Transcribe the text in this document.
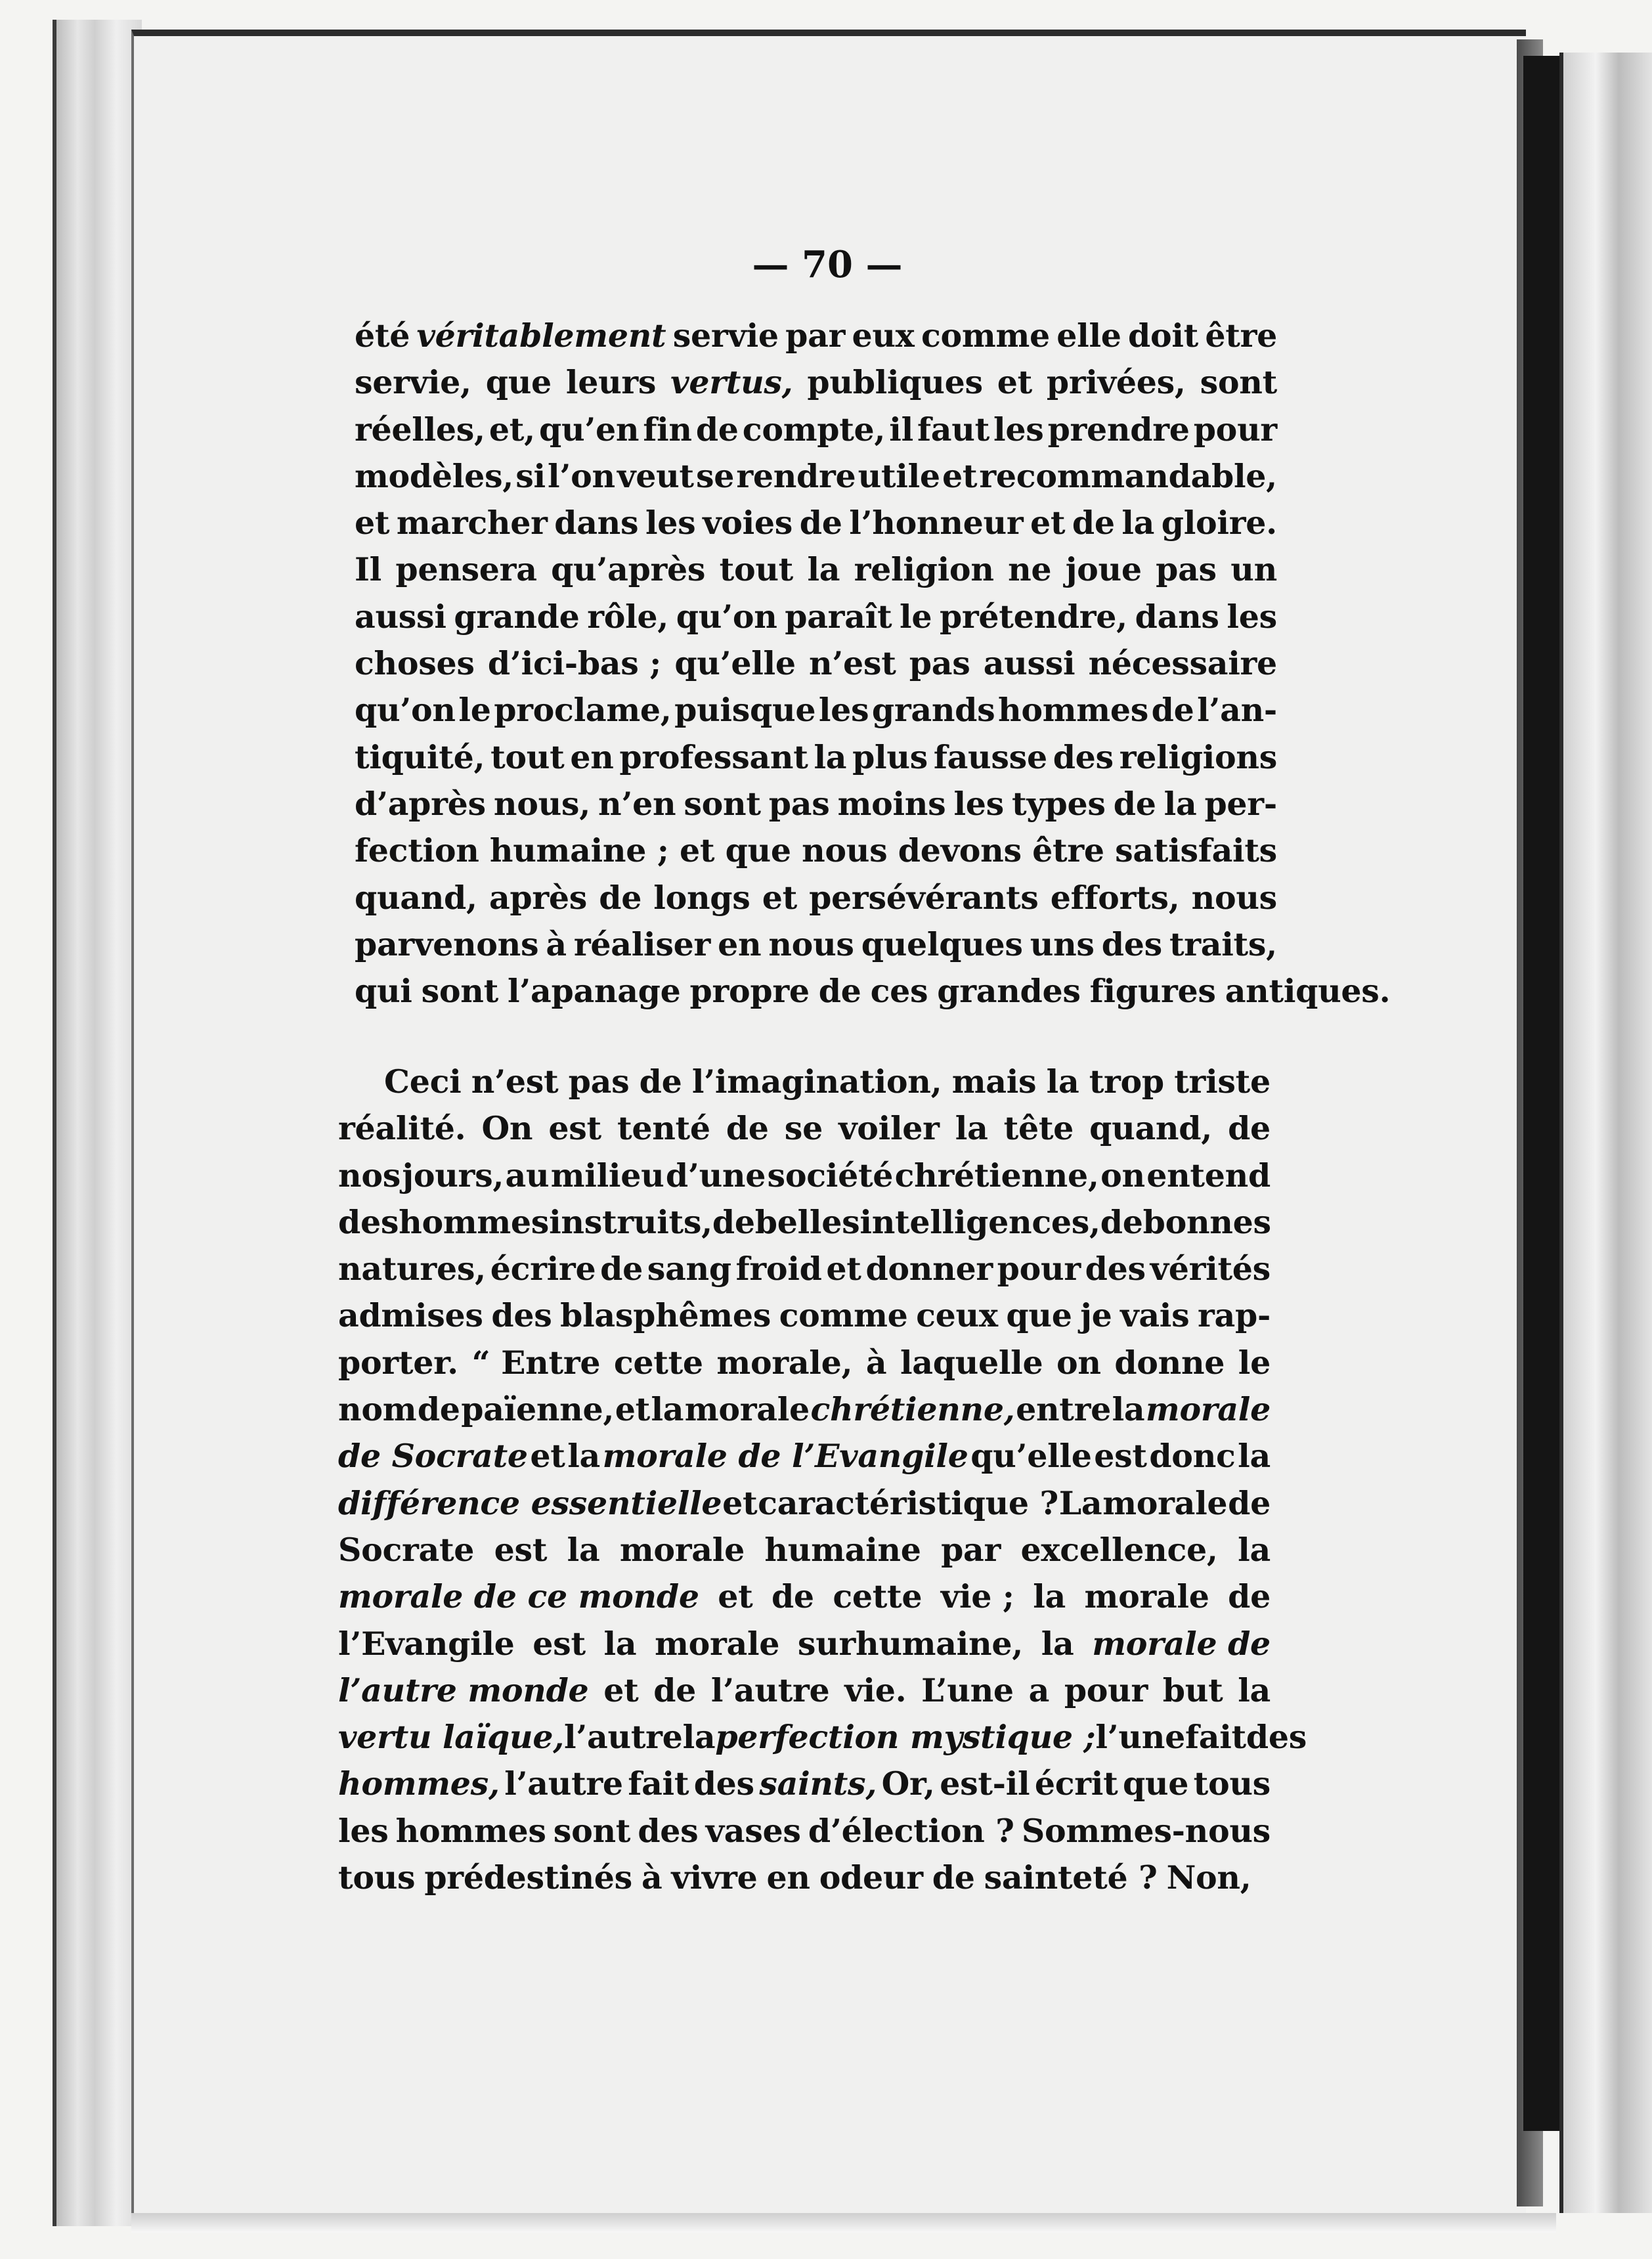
— 70 —
été véritablement servie par eux comme elle doit être
servie, que leurs vertus, publiques et privées, sont
réelles, et, qu’en fin de compte, il faut les prendre pour
modèles, si l’on veut se rendre utile et recommandable,
et marcher dans les voies de l’honneur et de la gloire.
Il pensera qu’après tout la religion ne joue pas un
aussi grande rôle, qu’on paraît le prétendre, dans les
choses d’ici-bas ; qu’elle n’est pas aussi nécessaire
qu’on le proclame, puisque les grands hommes de l’an-
tiquité, tout en professant la plus fausse des religions
d’après nous, n’en sont pas moins les types de la per-
fection humaine ; et que nous devons être satisfaits
quand, après de longs et persévérants efforts, nous
parvenons à réaliser en nous quelques uns des traits,
qui sont l’apanage propre de ces grandes figures antiques.
Ceci n’est pas de l’imagination, mais la trop triste
réalité. On est tenté de se voiler la tête quand, de
nos jours, au milieu d’une société chrétienne, on entend
des hommes instruits, de belles intelligences, de bonnes
natures, écrire de sang froid et donner pour des vérités
admises des blasphêmes comme ceux que je vais rap-
porter. “ Entre cette morale, à laquelle on donne le
nom de païenne, et la morale chrétienne, entre la morale
de Socrate et la morale de l’Evangile qu’elle est donc la
différence essentielle et caractéristique ? La morale de
Socrate est la morale humaine par excellence, la
morale de ce monde et de cette vie ; la morale de
l’Evangile est la morale surhumaine, la morale de
l’autre monde et de l’autre vie. L’une a pour but la
vertu laïque, l’autre la perfection mystique ; l’une fait des
hommes, l’autre fait des saints, Or, est-il écrit que tous
les hommes sont des vases d’élection ? Sommes-nous
tous prédestinés à vivre en odeur de sainteté ? Non,
